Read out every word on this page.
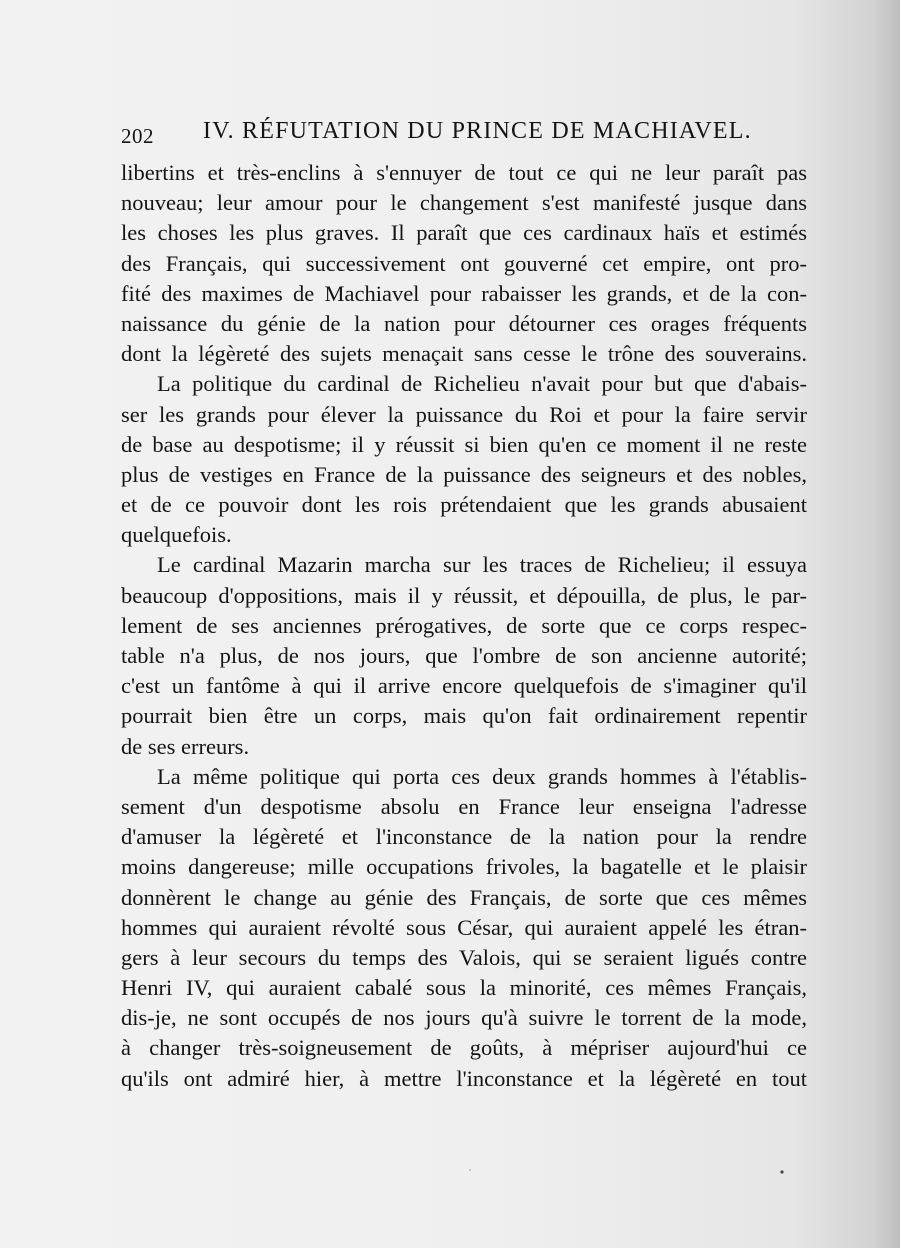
202 IV. RÉFUTATION DU PRINCE DE MACHIAVEL.
libertins et très-enclins à s'ennuyer de tout ce qui ne leur paraît pas
nouveau; leur amour pour le changement s'est manifesté jusque dans
les choses les plus graves. Il paraît que ces cardinaux haïs et estimés
des Français, qui successivement ont gouverné cet empire, ont pro-
fité des maximes de Machiavel pour rabaisser les grands, et de la con-
naissance du génie de la nation pour détourner ces orages fréquents
dont la légèreté des sujets menaçait sans cesse le trône des souverains.
La politique du cardinal de Richelieu n'avait pour but que d'abais-
ser les grands pour élever la puissance du Roi et pour la faire servir
de base au despotisme; il y réussit si bien qu'en ce moment il ne reste
plus de vestiges en France de la puissance des seigneurs et des nobles,
et de ce pouvoir dont les rois prétendaient que les grands abusaient
quelquefois.
Le cardinal Mazarin marcha sur les traces de Richelieu; il essuya
beaucoup d'oppositions, mais il y réussit, et dépouilla, de plus, le par-
lement de ses anciennes prérogatives, de sorte que ce corps respec-
table n'a plus, de nos jours, que l'ombre de son ancienne autorité;
c'est un fantôme à qui il arrive encore quelquefois de s'imaginer qu'il
pourrait bien être un corps, mais qu'on fait ordinairement repentir
de ses erreurs.
La même politique qui porta ces deux grands hommes à l'établis-
sement d'un despotisme absolu en France leur enseigna l'adresse
d'amuser la légèreté et l'inconstance de la nation pour la rendre
moins dangereuse; mille occupations frivoles, la bagatelle et le plaisir
donnèrent le change au génie des Français, de sorte que ces mêmes
hommes qui auraient révolté sous César, qui auraient appelé les étran-
gers à leur secours du temps des Valois, qui se seraient ligués contre
Henri IV, qui auraient cabalé sous la minorité, ces mêmes Français,
dis-je, ne sont occupés de nos jours qu'à suivre le torrent de la mode,
à changer très-soigneusement de goûts, à mépriser aujourd'hui ce
qu'ils ont admiré hier, à mettre l'inconstance et la légèreté en tout
